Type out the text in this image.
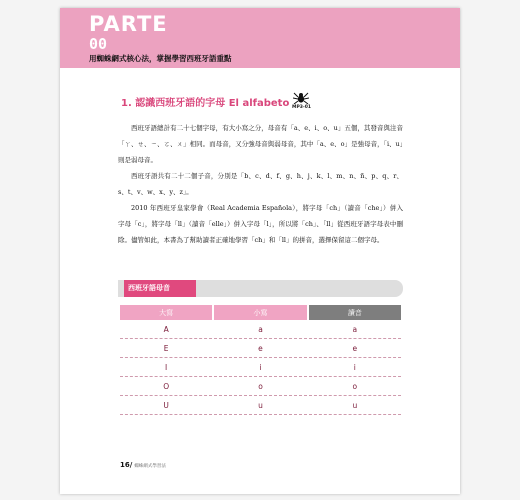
PARTE
00
用蜘蛛網式核心法，掌握學習西班牙語重點
1. 認識西班牙語的字母 El alfabeto MP3-01

西班牙語總計有二十七個字母，有大小寫之分，母音有「a、e、i、o、u」五個，其發音與注音「ㄚ、ㄝ、ㄧ、ㄛ、ㄨ」相同。而母音，又分強母音與弱母音，其中「a、e、o」是強母音，「i、u」則是弱母音。

西班牙語共有二十二個子音，分別是「b、c、d、f、g、h、j、k、l、m、n、ñ、p、q、r、s、t、v、w、x、y、z」。

2010 年西班牙皇家學會（Real Academia Española），將字母「ch」（讀音「che」）併入字母「c」，將字母「ll」（讀音「elle」）併入字母「l」，所以將「ch」、「ll」從西班牙語字母表中刪除。儘管如此，本書為了幫助讀者正確地學習「ch」和「ll」的拼音，選擇保留這二個字母。

西班牙語母音
大寫	小寫	讀音
A	a	a
E	e	e
I	i	i
O	o	o
U	u	u
16/ 蜘蛛網式學習法
